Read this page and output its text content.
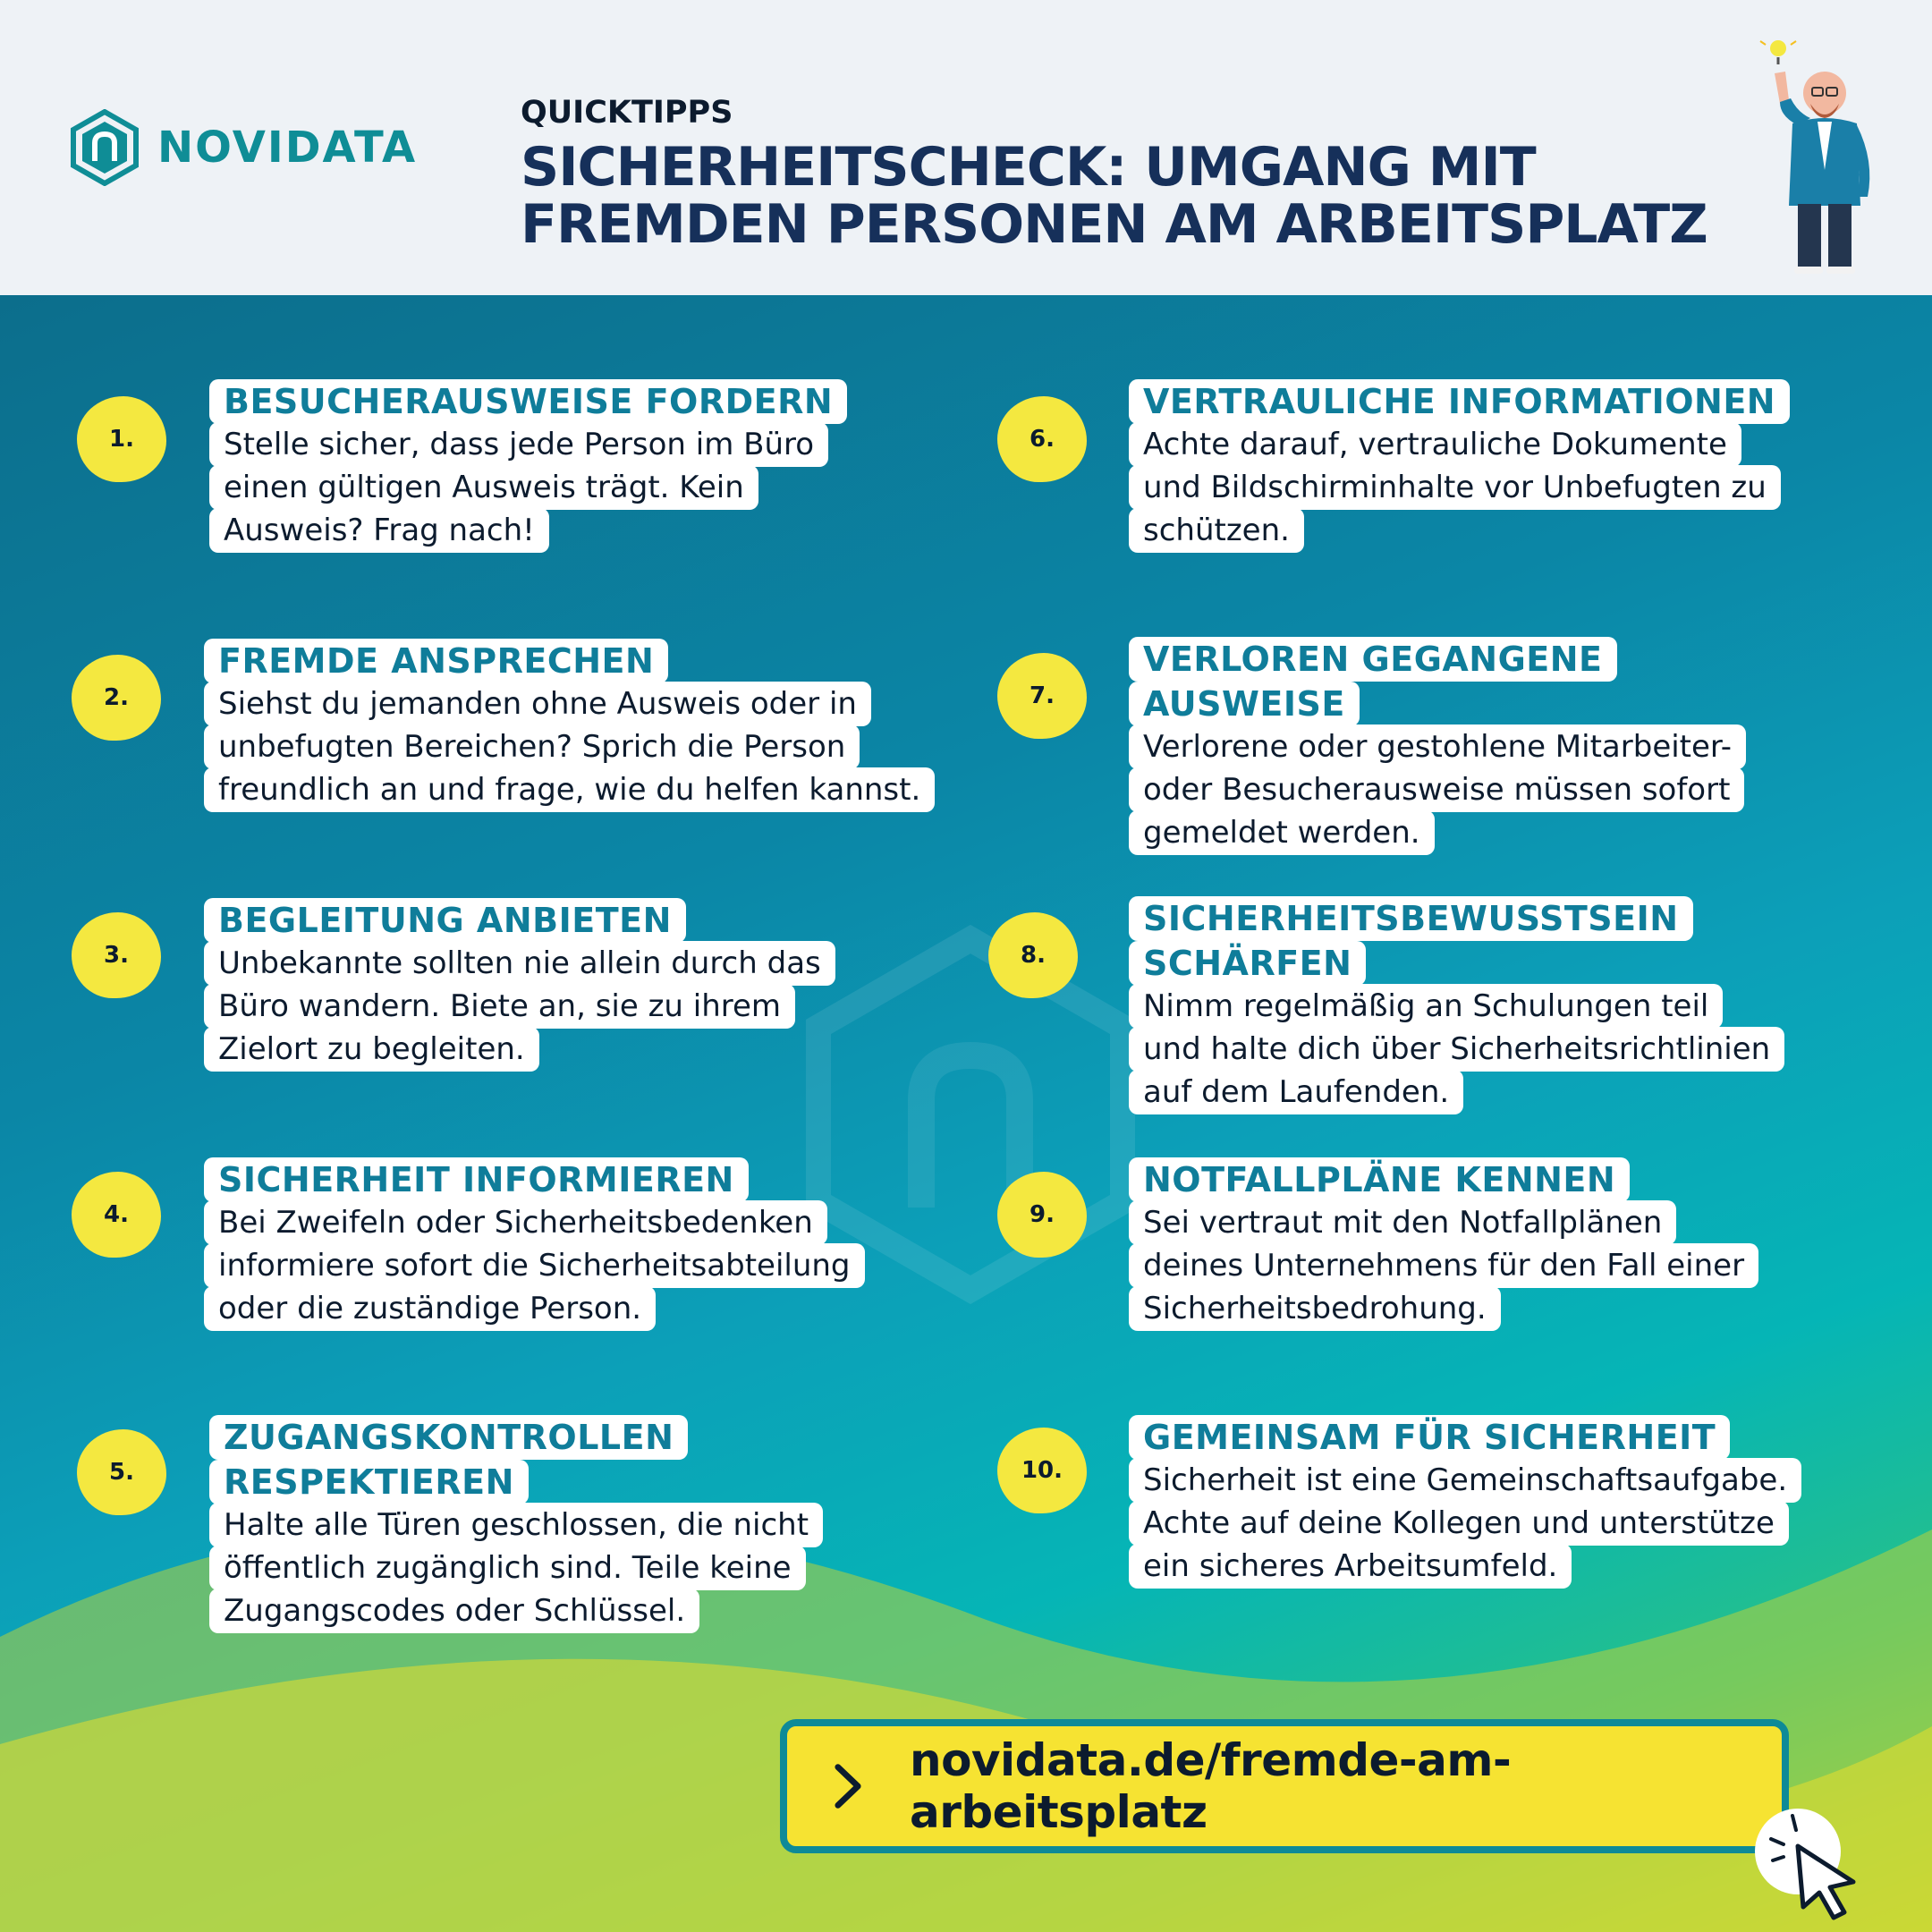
NOVIDATA
QUICKTIPPS
SICHERHEITSCHECK: UMGANG MIT
FREMDEN PERSONEN AM ARBEITSPLATZ
1.
BESUCHERAUSWEISE FORDERN
Stelle sicher, dass jede Person im Büro
einen gültigen Ausweis trägt. Kein
Ausweis? Frag nach!
2.
FREMDE ANSPRECHEN
Siehst du jemanden ohne Ausweis oder in
unbefugten Bereichen? Sprich die Person
freundlich an und frage, wie du helfen kannst.
3.
BEGLEITUNG ANBIETEN
Unbekannte sollten nie allein durch das
Büro wandern. Biete an, sie zu ihrem
Zielort zu begleiten.
4.
SICHERHEIT INFORMIEREN
Bei Zweifeln oder Sicherheitsbedenken
informiere sofort die Sicherheitsabteilung
oder die zuständige Person.
5.
ZUGANGSKONTROLLEN
RESPEKTIEREN
Halte alle Türen geschlossen, die nicht
öffentlich zugänglich sind. Teile keine
Zugangscodes oder Schlüssel.
6.
VERTRAULICHE INFORMATIONEN
Achte darauf, vertrauliche Dokumente
und Bildschirminhalte vor Unbefugten zu
schützen.
7.
VERLOREN GEGANGENE
AUSWEISE
Verlorene oder gestohlene Mitarbeiter-
oder Besucherausweise müssen sofort
gemeldet werden.
8.
SICHERHEITSBEWUSSTSEIN
SCHÄRFEN
Nimm regelmäßig an Schulungen teil
und halte dich über Sicherheitsrichtlinien
auf dem Laufenden.
9.
NOTFALLPLÄNE KENNEN
Sei vertraut mit den Notfallplänen
deines Unternehmens für den Fall einer
Sicherheitsbedrohung.
10.
GEMEINSAM FÜR SICHERHEIT
Sicherheit ist eine Gemeinschaftsaufgabe.
Achte auf deine Kollegen und unterstütze
ein sicheres Arbeitsumfeld.
novidata.de/fremde-am-arbeitsplatz
